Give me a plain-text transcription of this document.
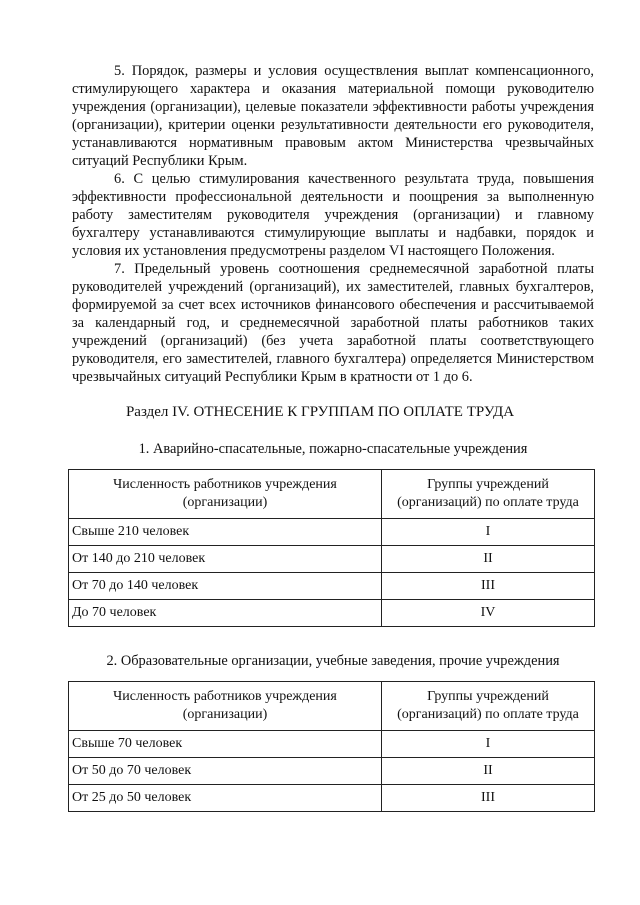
5. Порядок, размеры и условия осуществления выплат компенсационного, стимулирующего характера и оказания материальной помощи руководителю учреждения (организации), целевые показатели эффективности работы учреждения (организации), критерии оценки результативности деятельности его руководителя, устанавливаются нормативным правовым актом Министерства чрезвычайных ситуаций Республики Крым.

6. С целью стимулирования качественного результата труда, повышения эффективности профессиональной деятельности и поощрения за выполненную работу заместителям руководителя учреждения (организации) и главному бухгалтеру устанавливаются стимулирующие выплаты и надбавки, порядок и условия их установления предусмотрены разделом VI настоящего Положения.

7. Предельный уровень соотношения среднемесячной заработной платы руководителей учреждений (организаций), их заместителей, главных бухгалтеров, формируемой за счет всех источников финансового обеспечения и рассчитываемой за календарный год, и среднемесячной заработной платы работников таких учреждений (организаций) (без учета заработной платы соответствующего руководителя, его заместителей, главного бухгалтера) определяется Министерством чрезвычайных ситуаций Республики Крым в кратности от 1 до 6.

Раздел IV. ОТНЕСЕНИЕ К ГРУППАМ ПО ОПЛАТЕ ТРУДА

1. Аварийно-спасательные, пожарно-спасательные учреждения

Численность работников учреждения (организации)	Группы учреждений (организаций) по оплате труда
Свыше 210 человек	I
От 140 до 210 человек	II
От 70 до 140 человек	III
До 70 человек	IV

2. Образовательные организации, учебные заведения, прочие учреждения

Численность работников учреждения (организации)	Группы учреждений (организаций) по оплате труда
Свыше 70 человек	I
От 50 до 70 человек	II
От 25 до 50 человек	III
